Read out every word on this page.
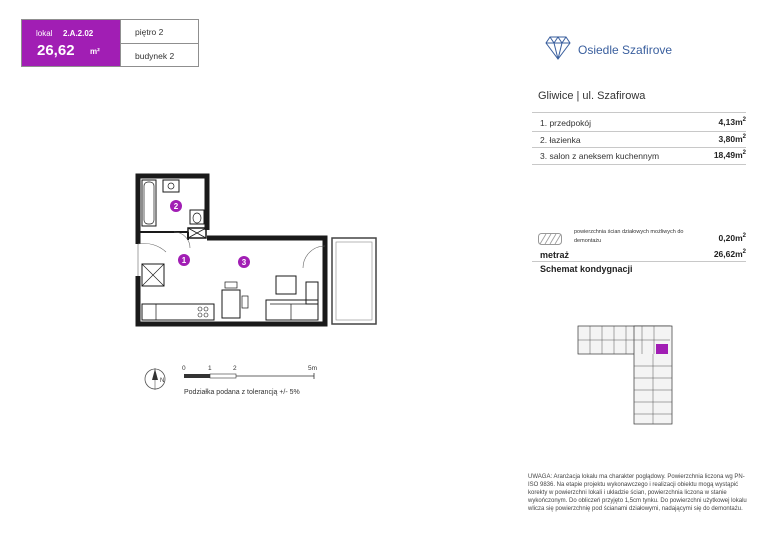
lokal 2.A.2.02
26,62 m²
piętro 2
budynek 2	Osiedle Szafirove
Gliwice | ul. Szafirowa
1. przedpokój	$4,13m^2$
2. łazienka	$3,80m^2$
3. salon z aneksem kuchennym	$18,49m^2$
powierzchnia ścian działowych możliwych do
demontażu	$0,20m^2$
metraż	$26,62m^2$
Schemat kondygnacji
2
1	3
N
0	1	2	5m
Podziałka podana z tolerancją +/- 5%
UWAGA: Aranżacja lokalu ma charakter poglądowy. Powierzchnia liczona wg PN-ISO 9836. Na etapie projektu wykonawczego i realizacji obiektu mogą wystąpić korekty w powierzchni lokali i układzie ścian, powierzchnia liczona w stanie wykończonym. Do obliczeń przyjęto 1,5cm tynku. Do powierzchni użytkowej lokalu wlicza się powierzchnię pod ścianami działowymi, nadającymi się do demontażu.
